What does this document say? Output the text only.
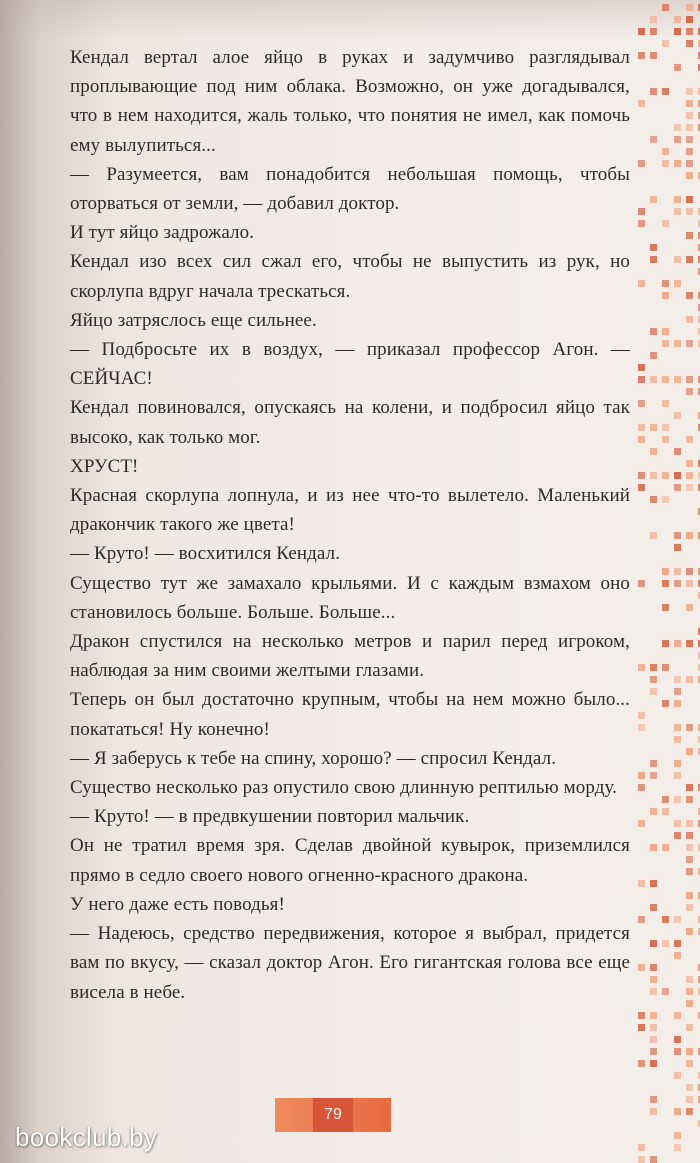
Кендал вертал алое яйцо в руках и задумчиво разглядывал проплывающие под ним облака. Возможно, он уже догадывался, что в нем находится, жаль только, что понятия не имел, как помочь ему вылупиться...

— Разумеется, вам понадобится небольшая помощь, чтобы оторваться от земли, — добавил доктор.

И тут яйцо задрожало.

Кендал изо всех сил сжал его, чтобы не выпустить из рук, но скорлупа вдруг начала трескаться.

Яйцо затряслось еще сильнее.

— Подбросьте их в воздух, — приказал профессор Агон. — СЕЙЧАС!

Кендал повиновался, опускаясь на колени, и подбросил яйцо так высоко, как только мог.

ХРУСТ!

Красная скорлупа лопнула, и из нее что-то вылетело. Маленький дракончик такого же цвета!

— Круто! — восхитился Кендал.

Существо тут же замахало крыльями. И с каждым взмахом оно становилось больше. Больше. Больше...

Дракон спустился на несколько метров и парил перед игроком, наблюдая за ним своими желтыми глазами.

Теперь он был достаточно крупным, чтобы на нем можно было... покататься! Ну конечно!

— Я заберусь к тебе на спину, хорошо? — спросил Кендал.

Существо несколько раз опустило свою длинную рептилью морду.

— Круто! — в предвкушении повторил мальчик.

Он не тратил время зря. Сделав двойной кувырок, приземлился прямо в седло своего нового огненно-красного дракона.

У него даже есть поводья!

— Надеюсь, средство передвижения, которое я выбрал, придется вам по вкусу, — сказал доктор Агон. Его гигантская голова все еще висела в небе.

79
bookclub.by
